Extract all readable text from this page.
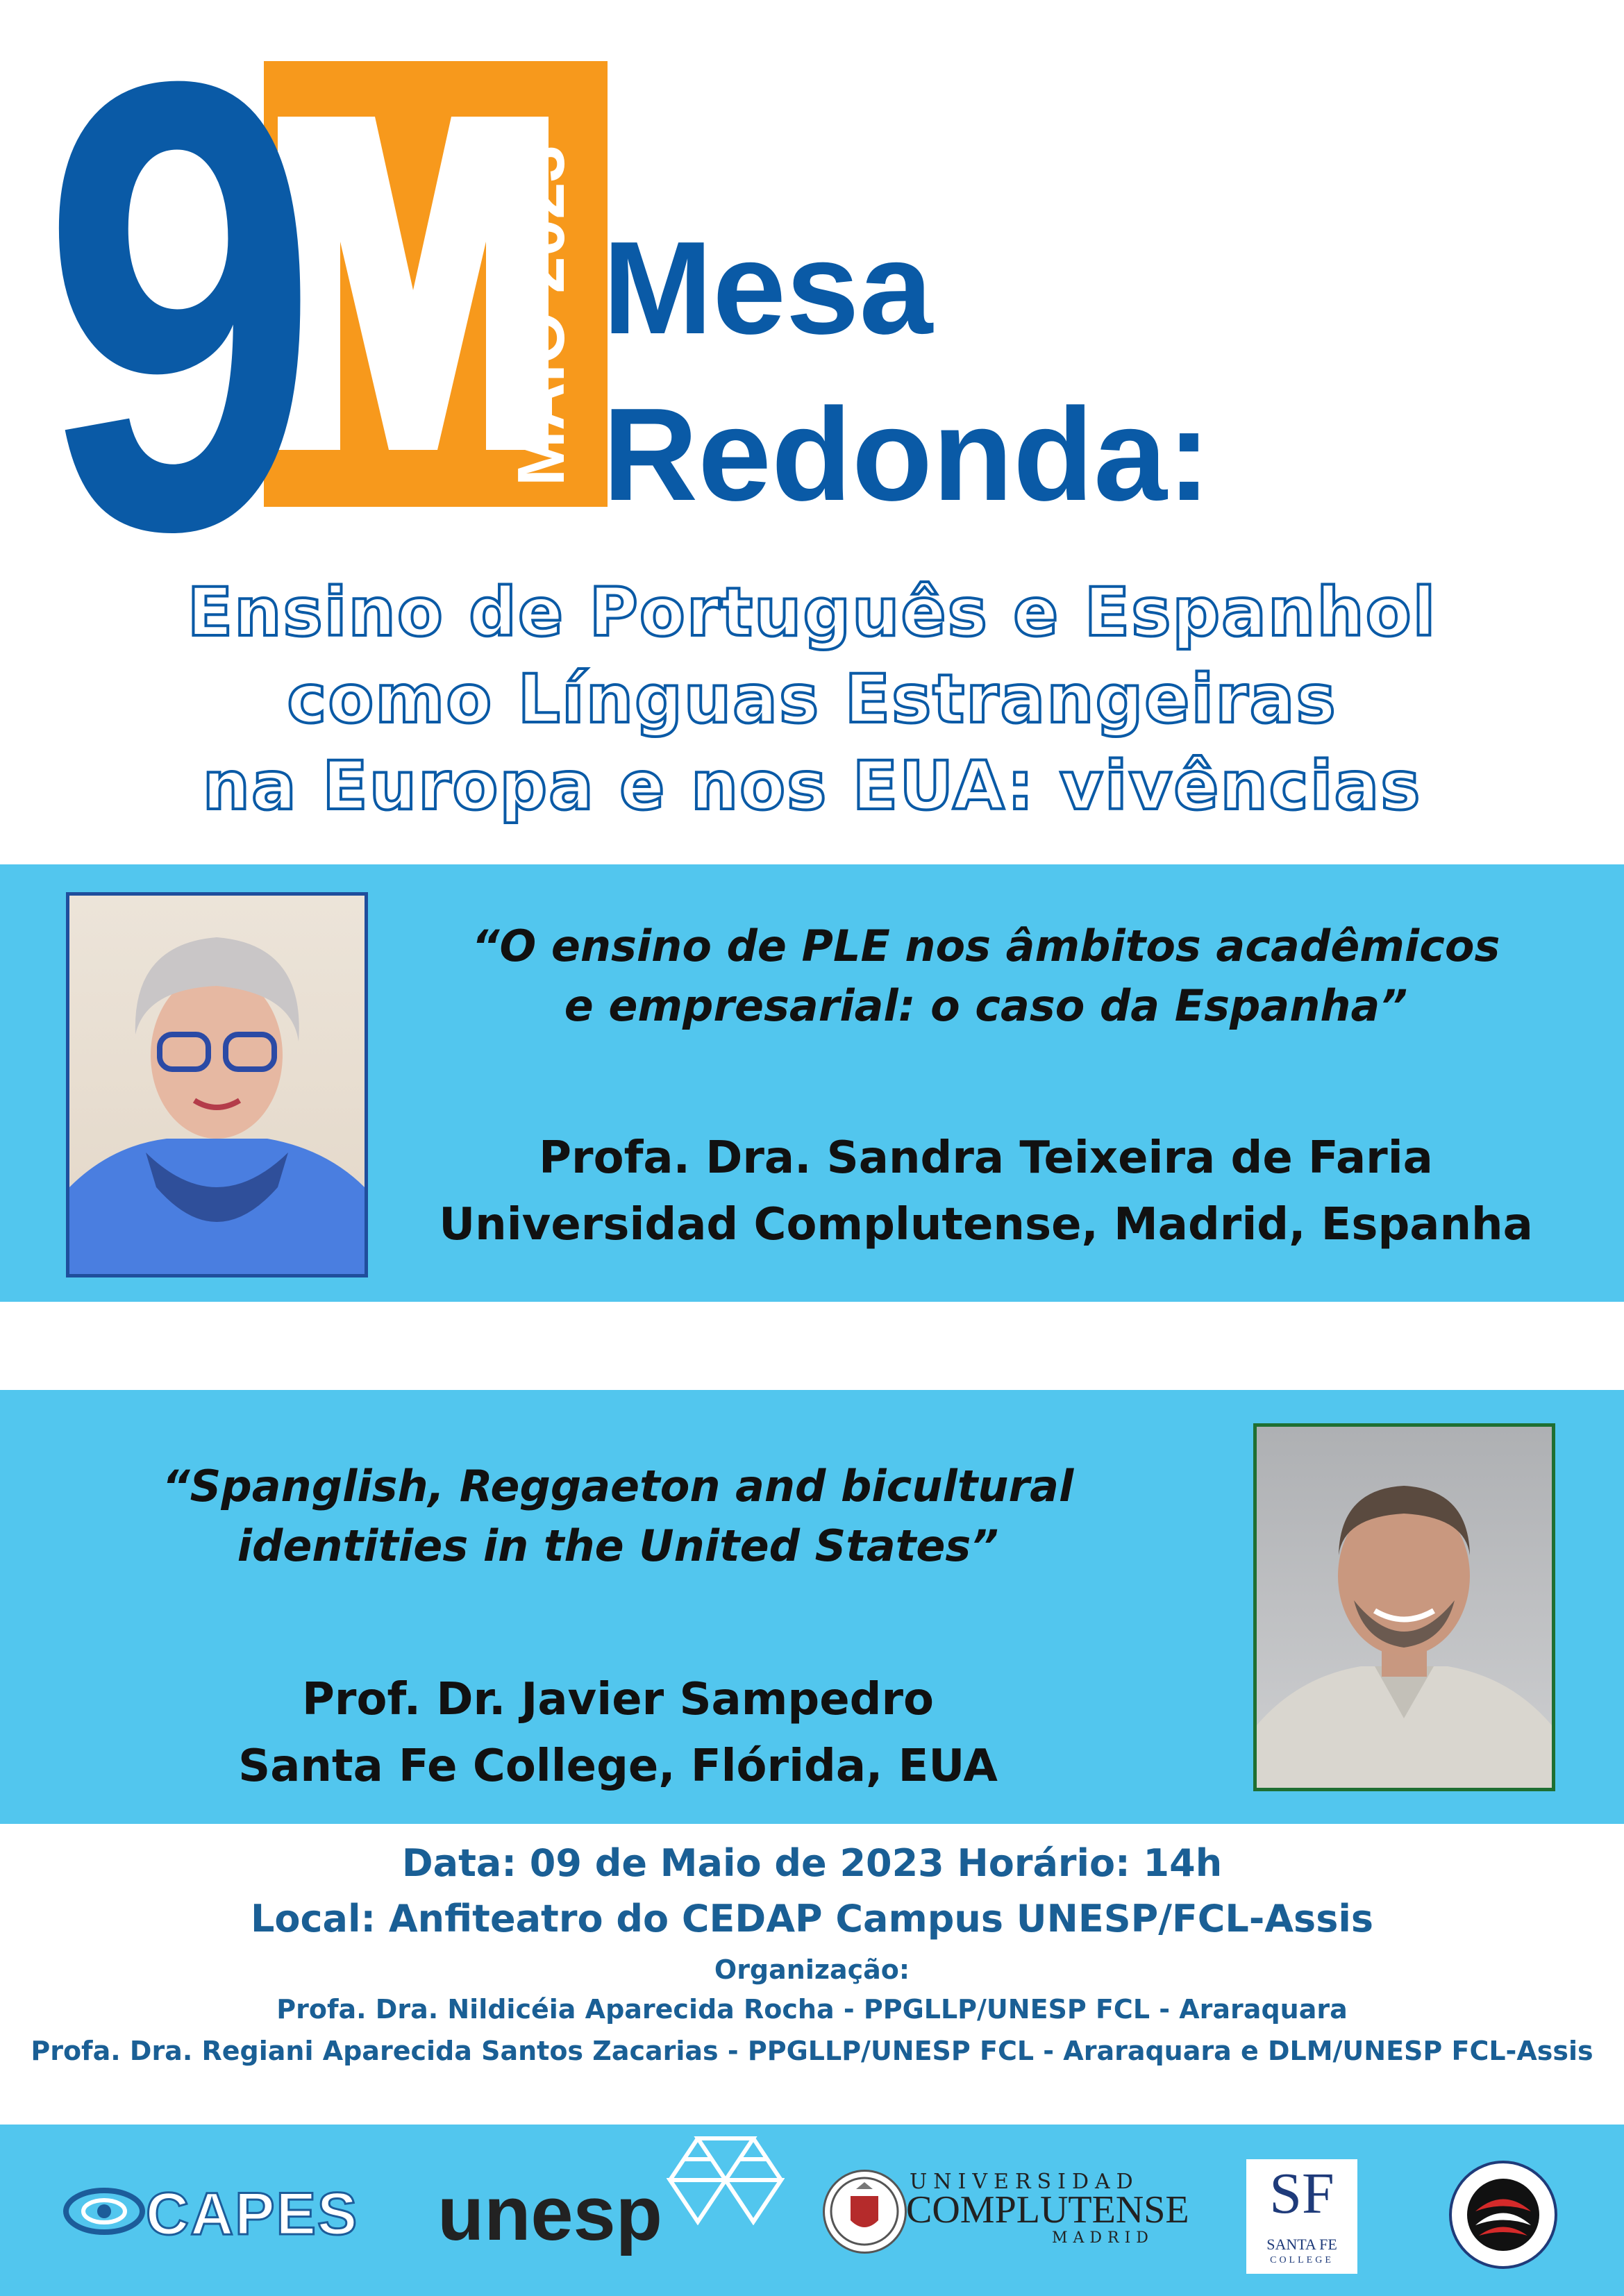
9	MAIO 2023 Mesa
Redonda:
Ensino de Português e Espanhol
como Línguas Estrangeiras
na Europa e nos EUA: vivências
“O ensino de PLE nos âmbitos acadêmicos
e empresarial: o caso da Espanha”
Profa. Dra. Sandra Teixeira de Faria
Universidad Complutense, Madrid, Espanha
“Spanglish, Reggaeton and bicultural
identities in the United States”
Prof. Dr. Javier Sampedro
Santa Fe College, Flórida, EUA
Data: 09 de Maio de 2023 Horário: 14h
Local: Anfiteatro do CEDAP Campus UNESP/FCL-Assis
Organização:
Profa. Dra. Nildicéia Aparecida Rocha - PPGLLP/UNESP FCL - Araraquara
Profa. Dra. Regiani Aparecida Santos Zacarias - PPGLLP/UNESP FCL - Araraquara e DLM/UNESP FCL-Assis
CAPES unesp	UNIVERSIDAD
COMPLUTENSE
MADRID
SF
SANTA FE
COLLEGE
